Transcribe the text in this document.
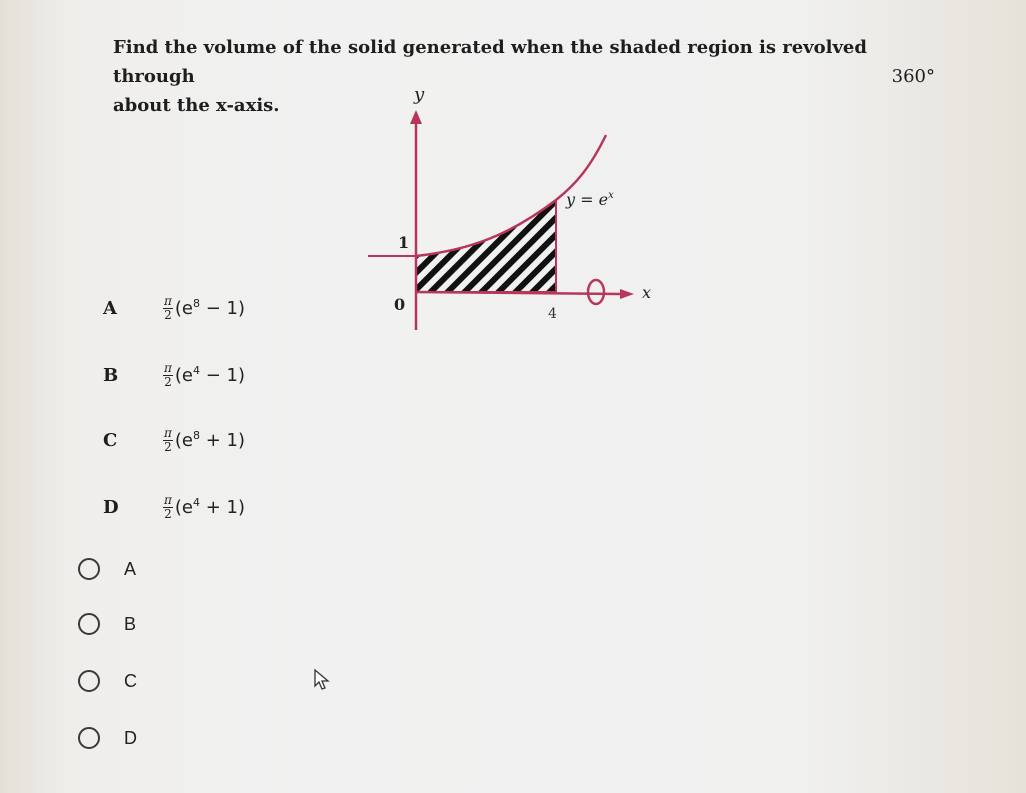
Find the volume of the solid generated when the shaded region is revolved through	360°

about the x-axis.
y
x
$y = e^x$
1
0	4
A	$\frac{\pi}{2} (e^8 - 1)$
B	$\frac{\pi}{2} (e^4 - 1)$
C	$\frac{\pi}{2} (e^8 + 1)$
D	$\frac{\pi}{2} (e^4 + 1)$
A
B
C
D
